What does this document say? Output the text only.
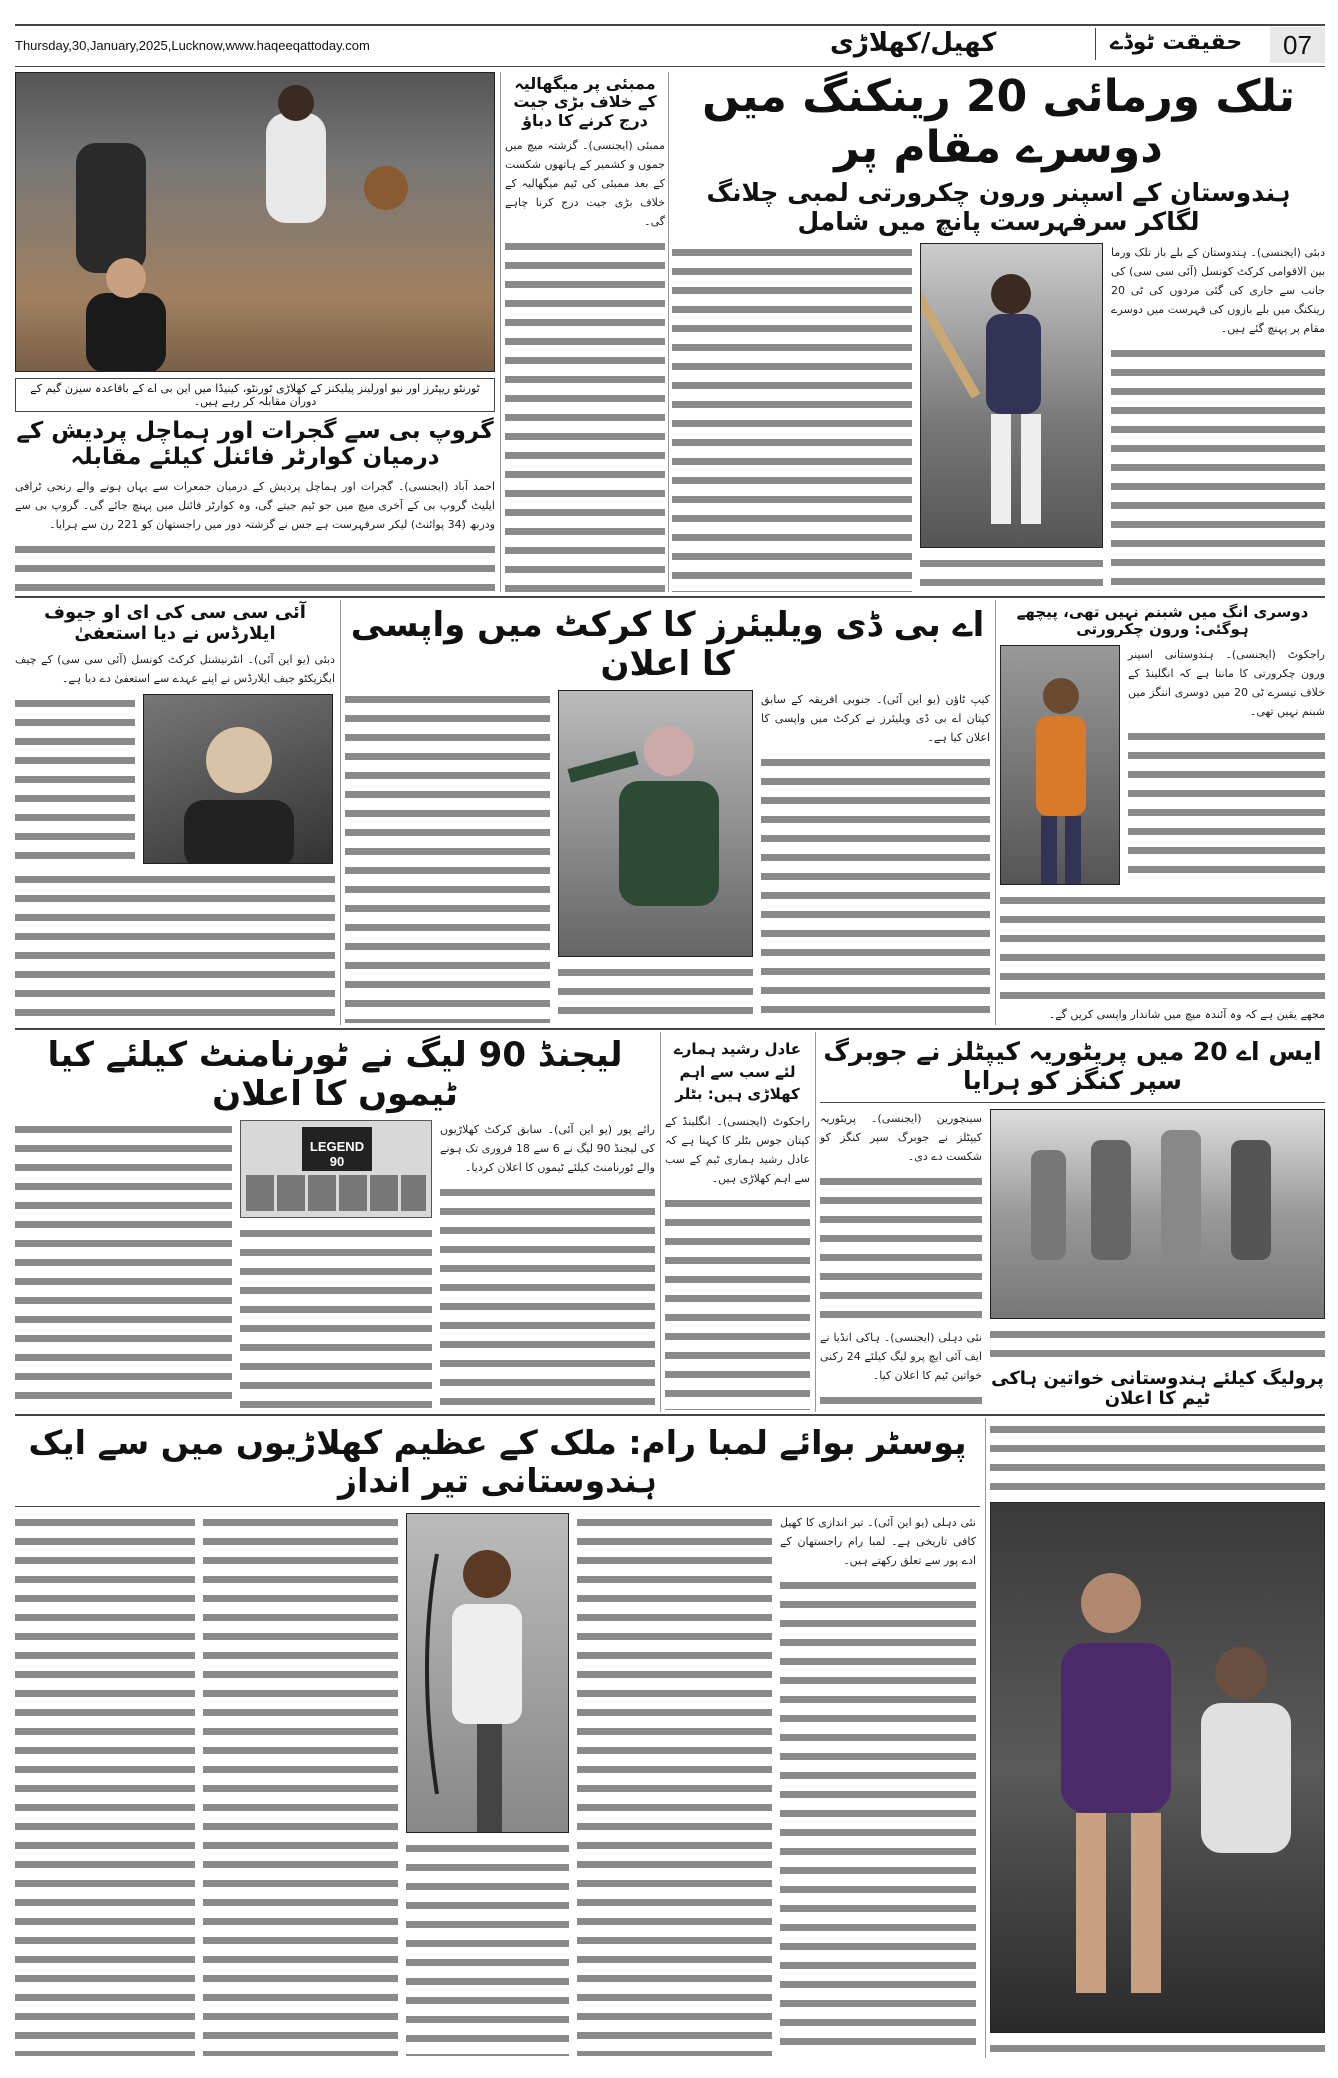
Thursday,30,January,2025,Lucknow,www.haqeeqattoday.com	کھیل/کھلاڑی	حقیقت ٹوڈے	07
ٹورنٹو ریپٹرز اور نیو اورلینز پیلیکنز کے کھلاڑی ٹورنٹو، کینیڈا میں این بی اے کے باقاعدہ سیزن گیم کے دوران مقابلہ کر رہے ہیں۔
گروپ بی سے گجرات اور ہماچل پردیش کے درمیان کوارٹر فائنل کیلئے مقابلہ
احمد آباد (ایجنسی)۔ گجرات اور ہماچل پردیش کے درمیان جمعرات سے یہاں ہونے والے رنجی ٹرافی ایلیٹ گروپ بی کے آخری میچ میں جو ٹیم جیتے گی، وہ کوارٹر فائنل میں پہنچ جائے گی۔ گروپ بی سے ودربھ (34 پوائنٹ) لیکر سرفہرست ہے جس نے گزشتہ دور میں راجستھان کو 221 رن سے ہرایا۔
ممبئی پر میگھالیہ کے خلاف بڑی جیت درج کرنے کا دباؤ
ممبئی (ایجنسی)۔ گزشتہ میچ میں جموں و کشمیر کے ہاتھوں شکست کے بعد ممبئی کی ٹیم میگھالیہ کے خلاف بڑی جیت درج کرنا چاہے گی۔
تلک ورمائی 20 رینکنگ میں دوسرے مقام پر
ہندوستان کے اسپنر ورون چکرورتی لمبی چلانگ لگاکر سرفہرست پانچ میں شامل
دبئی (ایجنسی)۔ ہندوستان کے بلے باز تلک ورما بین الاقوامی کرکٹ کونسل (آئی سی سی) کی جانب سے جاری کی گئی مردوں کی ٹی 20 رینکنگ میں بلے بازوں کی فہرست میں دوسرے مقام پر پہنچ گئے ہیں۔
آئی سی سی کی ای او جیوف ایلارڈس نے دیا استعفیٰ
دبئی (یو این آئی)۔ انٹرنیشنل کرکٹ کونسل (آئی سی سی) کے چیف ایگزیکٹو جیف ایلارڈس نے اپنے عہدے سے استعفیٰ دے دیا ہے۔
اے بی ڈی ویلیئرز کا کرکٹ میں واپسی کا اعلان
کیپ ٹاؤن (یو این آئی)۔ جنوبی افریقہ کے سابق کپتان اے بی ڈی ویلیئرز نے کرکٹ میں واپسی کا اعلان کیا ہے۔
دوسری انگ میں شبنم نہیں تھی، پیچھے ہوگئی: ورون چکرورتی
راجکوٹ (ایجنسی)۔ ہندوستانی اسپنر ورون چکرورتی کا ماننا ہے کہ انگلینڈ کے خلاف تیسرے ٹی 20 میں دوسری اننگز میں شبنم نہیں تھی۔
مجھے یقین ہے کہ وہ آئندہ میچ میں شاندار واپسی کریں گے۔
لیجنڈ 90 لیگ نے ٹورنامنٹ کیلئے کیا ٹیموں کا اعلان
LEGEND 90
رائے پور (یو این آئی)۔ سابق کرکٹ کھلاڑیوں کی لیجنڈ 90 لیگ نے 6 سے 18 فروری تک ہونے والے ٹورنامنٹ کیلئے ٹیموں کا اعلان کردیا۔
عادل رشید ہمارے لئے سب سے اہم کھلاڑی ہیں: بٹلر
راجکوٹ (ایجنسی)۔ انگلینڈ کے کپتان جوس بٹلر کا کہنا ہے کہ عادل رشید ہماری ٹیم کے سب سے اہم کھلاڑی ہیں۔
ایس اے 20 میں پریٹوریہ کیپٹلز نے جوبرگ سپر کنگز کو ہرایا
سینچورین (ایجنسی)۔ پریٹوریہ کیپٹلز نے جوبرگ سپر کنگز کو شکست دے دی۔
نئی دہلی (ایجنسی)۔ ہاکی انڈیا نے ایف آئی ایچ پرو لیگ کیلئے 24 رکنی خواتین ٹیم کا اعلان کیا۔ پرولیگ کیلئے ہندوستانی خواتین ہاکی ٹیم کا اعلان
پوسٹر بوائے لمبا رام: ملک کے عظیم کھلاڑیوں میں سے ایک ہندوستانی تیر انداز
نئی دہلی (یو این آئی)۔ تیر اندازی کا کھیل کافی تاریخی ہے۔ لمبا رام راجستھان کے ادے پور سے تعلق رکھتے ہیں۔
